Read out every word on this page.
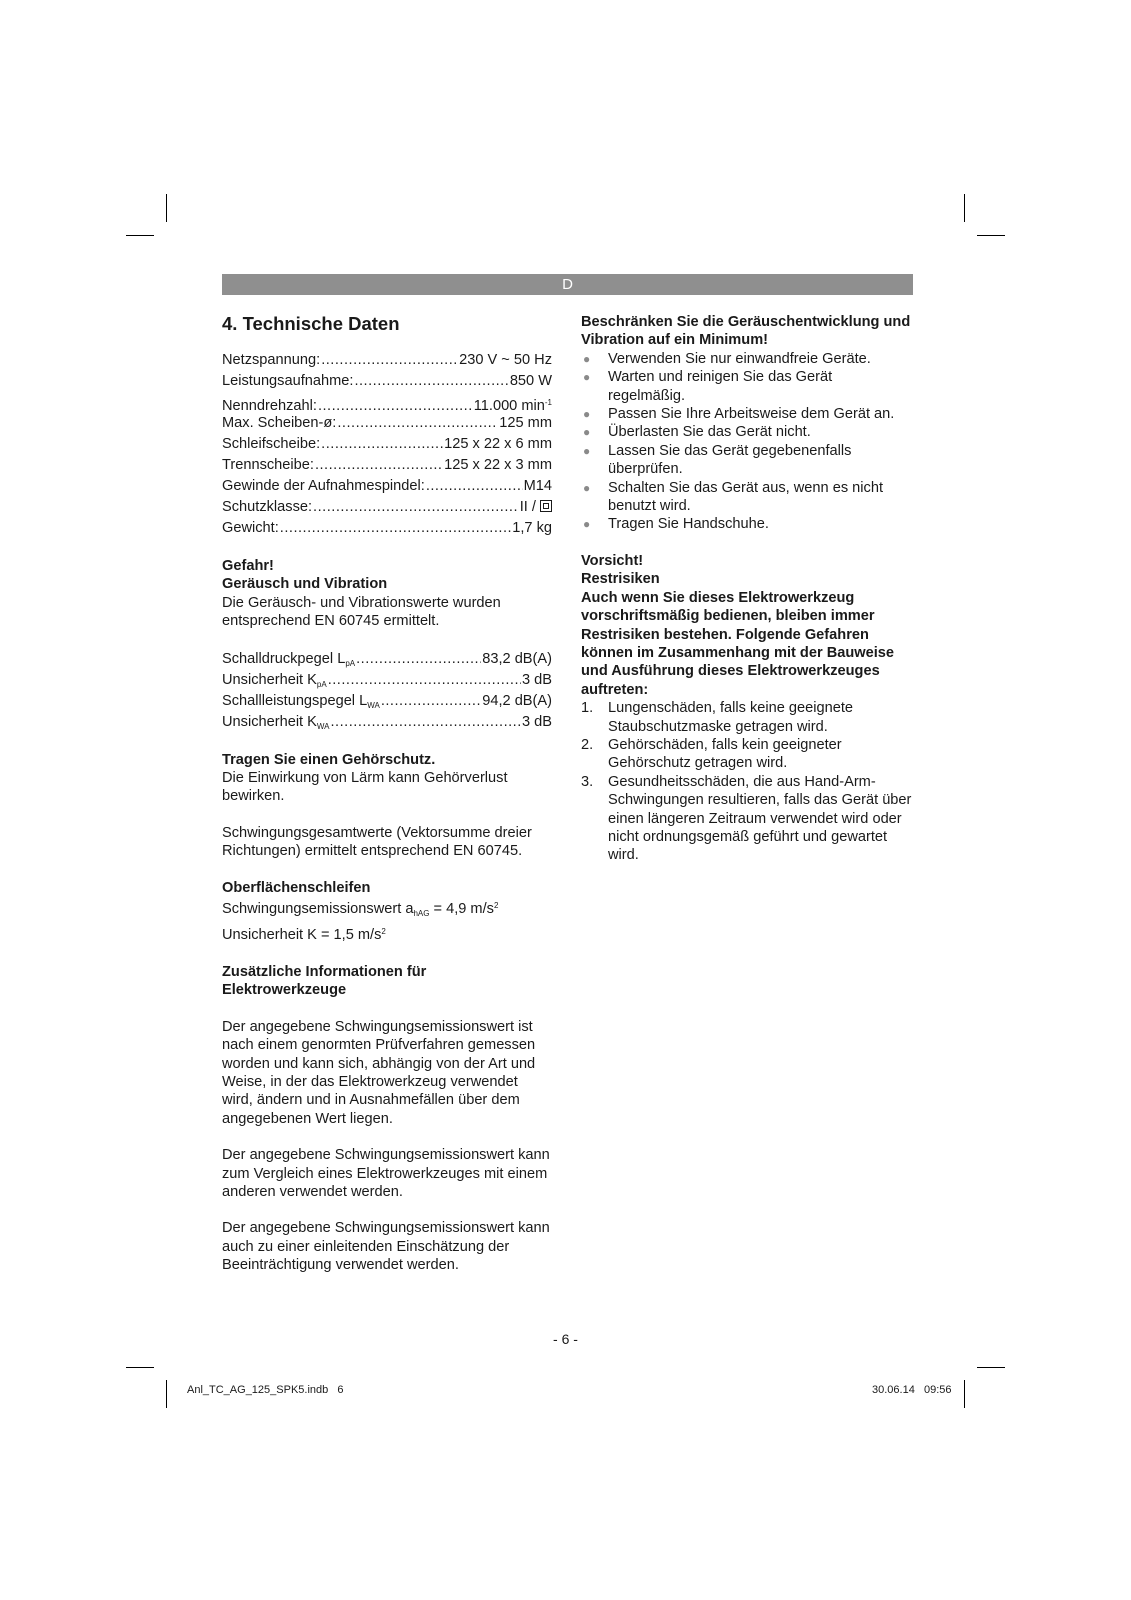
D
4. Technische Daten
Netzspannung: .....	230 V ~ 50 Hz
Leistungsaufnahme: .....	850 W
Nenndrehzahl: .....	11.000 $\min^{-1}$
Max. Scheiben-ø: .....	125 mm
Schleifscheibe: .....	125 x 22 x 6 mm
Trennscheibe: .....	125 x 22 x 3 mm
Gewinde der Aufnahmespindel: .....	M14
Schutzklasse: .....	II /
Gewicht: .....	1,7 kg

Gefahr!

Geräusch und Vibration

Die Geräusch- und Vibrationswerte wurden entsprechend EN 60745 ermittelt.

Schalldruckpegel $L_{pA}$ .....	83,2 dB(A)
Unsicherheit $K_{pA}$ .....	3 dB
Schallleistungspegel $L_{WA}$ .....	94,2 dB(A)
Unsicherheit $K_{WA}$ .....	3 dB

Tragen Sie einen Gehörschutz.

Die Einwirkung von Lärm kann Gehörverlust bewirken.

Schwingungsgesamtwerte (Vektorsumme dreier Richtungen) ermittelt entsprechend EN 60745.

Oberflächenschleifen

Schwingungsemissionswert $a_{hAG} = 4,9$ $m/s^2$

Unsicherheit K = 1,5 $m/s^2$

Zusätzliche Informationen für Elektrowerkzeuge

Der angegebene Schwingungsemissionswert ist nach einem genormten Prüfverfahren gemessen worden und kann sich, abhängig von der Art und Weise, in der das Elektrowerkzeug verwendet wird, ändern und in Ausnahmefällen über dem angegebenen Wert liegen.

Der angegebene Schwingungsemissionswert kann zum Vergleich eines Elektrowerkzeuges mit einem anderen verwendet werden.

Der angegebene Schwingungsemissionswert kann auch zu einer einleitenden Einschätzung der Beeinträchtigung verwendet werden.

Beschränken Sie die Geräuschentwicklung und Vibration auf ein Minimum!

● Verwenden Sie nur einwandfreie Geräte.
● Warten und reinigen Sie das Gerät regelmäßig.
● Passen Sie Ihre Arbeitsweise dem Gerät an.
● Überlasten Sie das Gerät nicht.
● Lassen Sie das Gerät gegebenenfalls überprüfen.
● Schalten Sie das Gerät aus, wenn es nicht benutzt wird.
● Tragen Sie Handschuhe.

Vorsicht!

Restrisiken

Auch wenn Sie dieses Elektrowerkzeug vorschriftsmäßig bedienen, bleiben immer Restrisiken bestehen. Folgende Gefahren können im Zusammenhang mit der Bauweise und Ausführung dieses Elektrowerkzeuges auftreten:

1. Lungenschäden, falls keine geeignete Staubschutzmaske getragen wird.
2. Gehörschäden, falls kein geeigneter Gehörschutz getragen wird.
3. Gesundheitsschäden, die aus Hand-Arm-Schwingungen resultieren, falls das Gerät über einen längeren Zeitraum verwendet wird oder nicht ordnungsgemäß geführt und gewartet wird.
- 6 -
Anl_TC_AG_125_SPK5.indb   6	30.06.14   09:56
